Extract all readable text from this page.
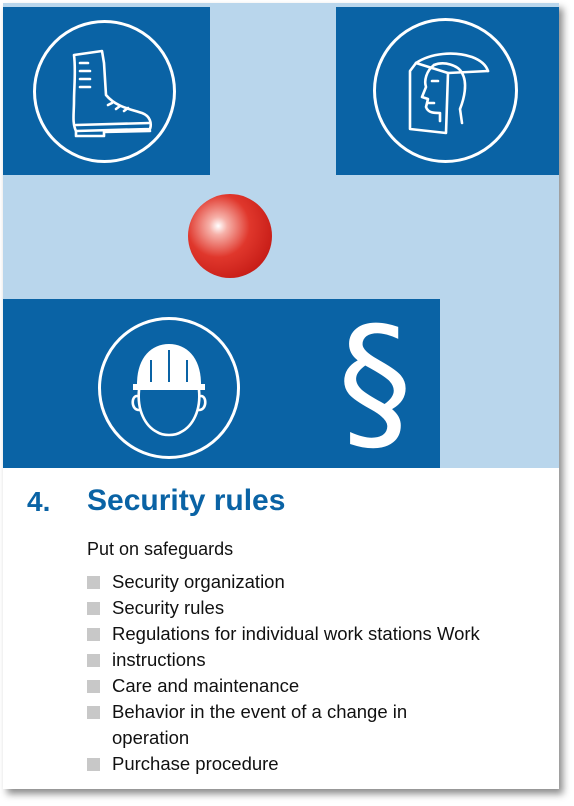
§
4. Security rules
Put on safeguards
Security organization
Security rules
Regulations for individual work stations Work
instructions
Care and maintenance
Behavior in the event of a change in operation
Purchase procedure
